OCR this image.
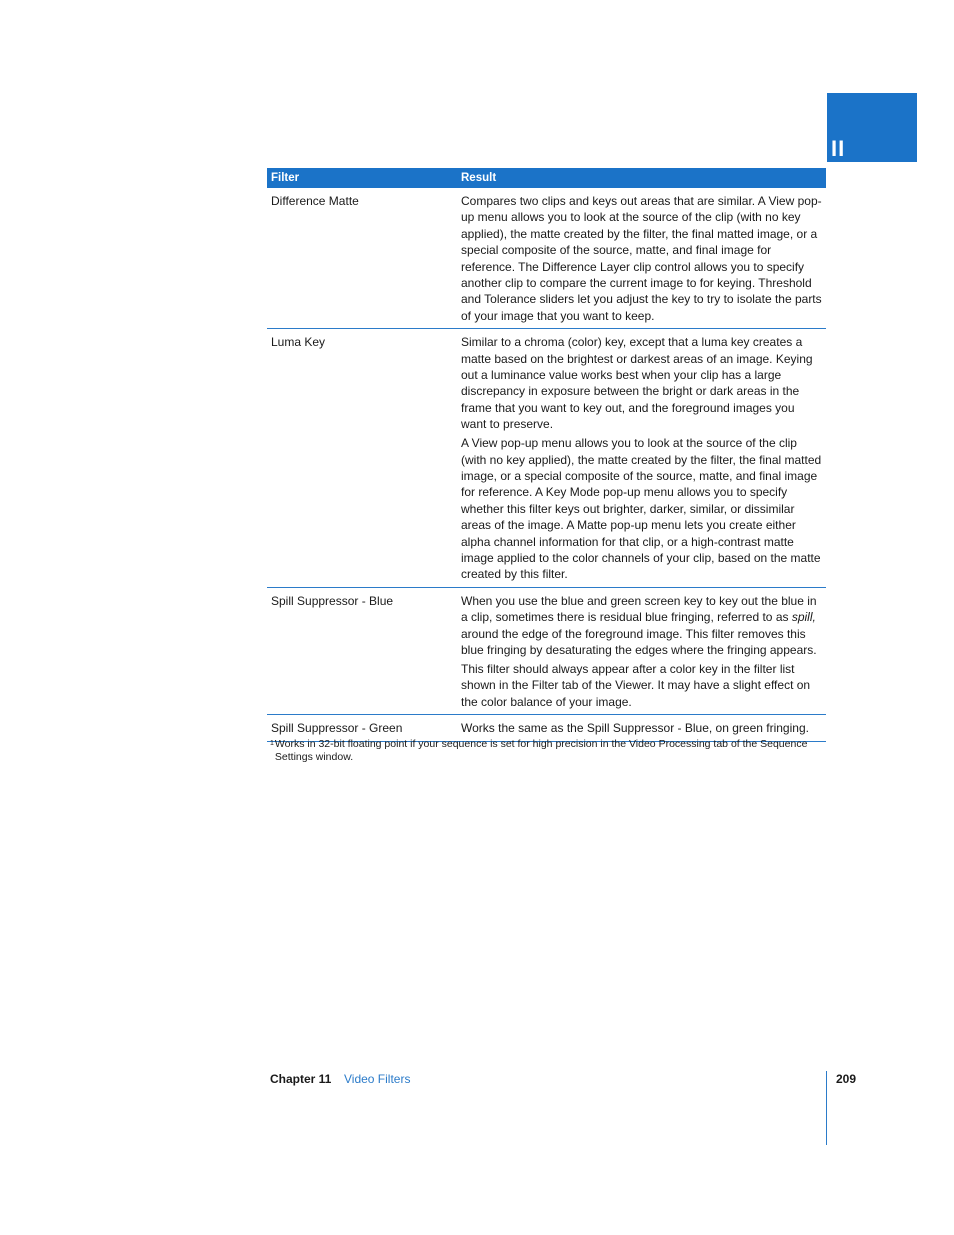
II
Filter	Result
Difference Matte	Compares two clips and keys out areas that are similar. A View pop-up menu allows you to look at the source of the clip (with no key applied), the matte created by the filter, the final matted image, or a special composite of the source, matte, and final image for reference. The Difference Layer clip control allows you to specify another clip to compare the current image to for keying. Threshold and Tolerance sliders let you adjust the key to try to isolate the parts of your image that you want to keep.

Luma Key	Similar to a chroma (color) key, except that a luma key creates a matte based on the brightest or darkest areas of an image. Keying out a luminance value works best when your clip has a large discrepancy in exposure between the bright or dark areas in the frame that you want to key out, and the foreground images you want to preserve.

A View pop-up menu allows you to look at the source of the clip (with no key applied), the matte created by the filter, the final matted image, or a special composite of the source, matte, and final image for reference. A Key Mode pop-up menu allows you to specify whether this filter keys out brighter, darker, similar, or dissimilar areas of the image. A Matte pop-up menu lets you create either alpha channel information for that clip, or a high-contrast matte image applied to the color channels of your clip, based on the matte created by this filter.

Spill Suppressor - Blue	When you use the blue and green screen key to key out the blue in a clip, sometimes there is residual blue fringing, referred to as spill, around the edge of the foreground image. This filter removes this blue fringing by desaturating the edges where the fringing appears.

This filter should always appear after a color key in the filter list shown in the Filter tab of the Viewer. It may have a slight effect on the color balance of your image.

Spill Suppressor - Green	Works the same as the Spill Suppressor - Blue, on green fringing.

$^1$Works in 32-bit floating point if your sequence is set for high precision in the Video Processing tab of the Sequence Settings window.
Chapter 11 Video Filters	209
